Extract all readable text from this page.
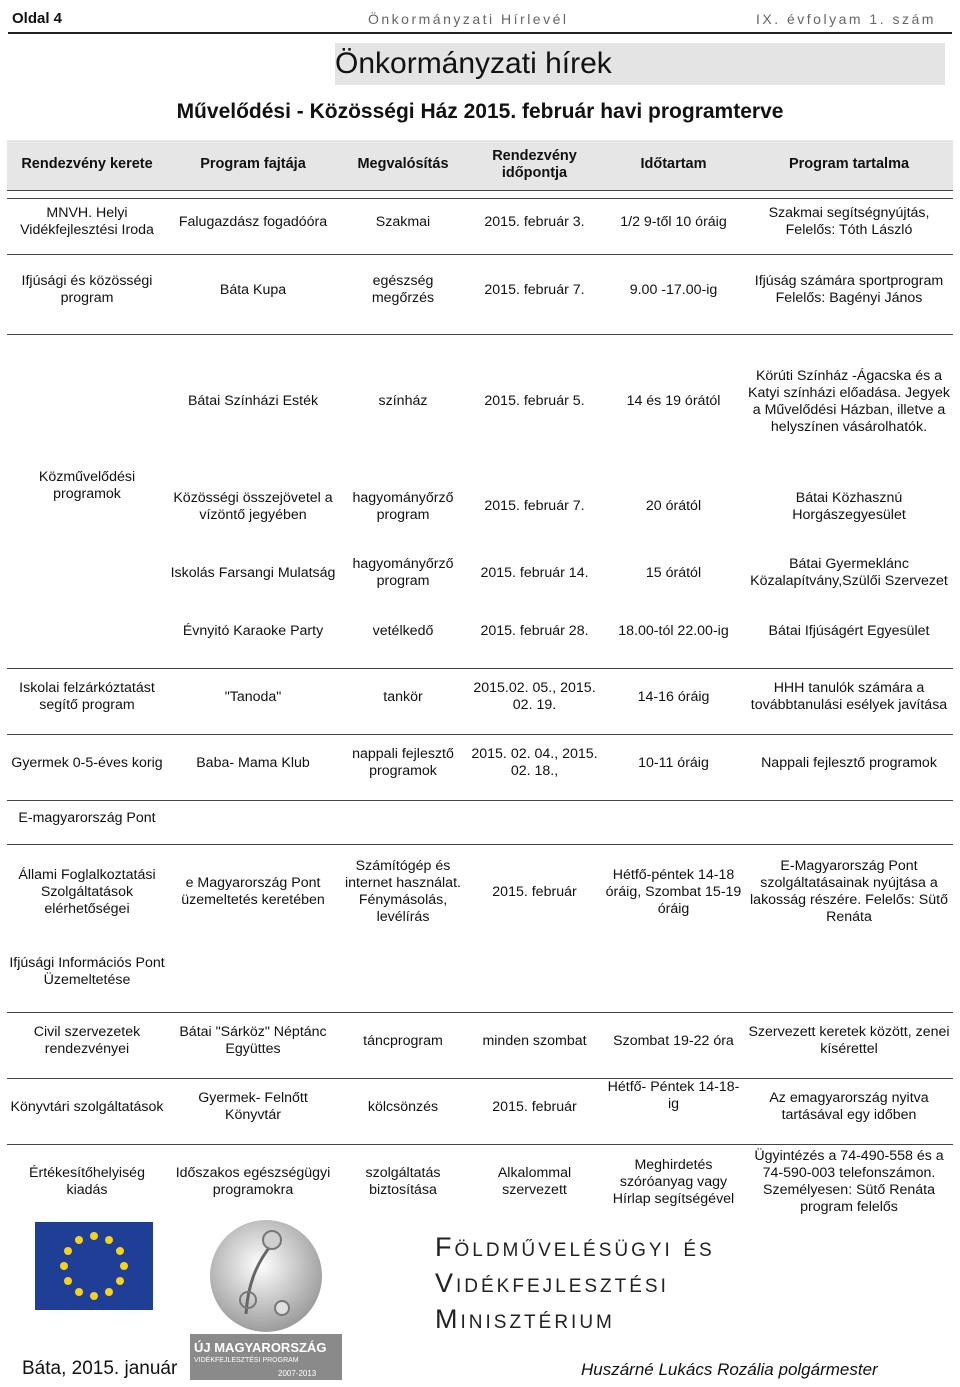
Oldal 4	Önkormányzati Hírlevél	IX. évfolyam 1. szám
Önkormányzati hírek
Művelődési - Közösségi Ház 2015. február havi programterve
Rendezvény kerete	Program fajtája	Megvalósítás	Rendezvény időpontja	Időtartam	Program tartalma

MNVH. Helyi Vidékfejlesztési Iroda	Falugazdász fogadóóra	Szakmai	2015. február 3.	1/2 9-től 10 óráig	Szakmai segítségnyújtás, Felelős: Tóth László

Ifjúsági és közösségi program	Báta Kupa	egészség megőrzés	2015. február 7.	9.00 -17.00-ig	Ifjúság számára sportprogram Felelős: Bagényi János

	Bátai Színházi Esték	színház	2015. február 5.	14 és 19 órától	Körúti Színház -Ágacska és a Katyi színházi előadása. Jegyek a Művelődési Házban, illetve a helyszínen vásárolhatók.
Közművelődési programok	Közösségi összejövetel a vízöntő jegyében	hagyományőrző program	2015. február 7.	20 órától	Bátai Közhasznú Horgászegyesület
	Iskolás Farsangi Mulatság	hagyományőrző program	2015. február 14.	15 órától	Bátai Gyermeklánc Közalapítvány,Szülői Szervezet
	Évnyitó Karaoke Party	vetélkedő	2015. február 28.	18.00-tól 22.00-ig	Bátai Ifjúságért Egyesület

Iskolai felzárkóztatást segítő program	"Tanoda"	tankör	2015.02. 05., 2015. 02. 19.	14-16 óráig	HHH tanulók számára a továbbtanulási esélyek javítása

Gyermek 0-5-éves korig	Baba- Mama Klub	nappali fejlesztő programok	2015. 02. 04., 2015. 02. 18.,	10-11 óráig	Nappali fejlesztő programok

E-magyarország Pont					

Állami Foglalkoztatási Szolgáltatások elérhetőségei	e Magyarország Pont üzemeltetés keretében	Számítógép és internet használat. Fénymásolás, levélírás	2015. február	Hétfő-péntek 14-18 óráig, Szombat 15-19 óráig	E-Magyarország Pont szolgáltatásainak nyújtása a lakosság részére. Felelős: Sütő Renáta
Ifjúsági Információs Pont Üzemeltetése					

Civil szervezetek rendezvényei	Bátai "Sárköz" Néptánc Együttes	táncprogram	minden szombat	Szombat 19-22 óra	Szervezett keretek között, zenei kísérettel

Könyvtári szolgáltatások	Gyermek- Felnőtt Könyvtár	kölcsönzés	2015. február	Hétfő- Péntek 14-18-ig	Az emagyarország nyitva tartásával egy időben

Értékesítőhelyiség kiadás	Időszakos egészségügyi programokra	szolgáltatás biztosítása	Alkalommal szervezett	Meghirdetés szóróanyag vagy Hírlap segítségével	Ügyintézés a 74-490-558 és a 74-590-003 telefonszámon. Személyesen: Sütő Renáta program felelős
ÚJ MAGYARORSZÁG
VIDÉKFEJLESZTÉSI PROGRAM
2007-2013
Földművelésügyi és
Vidékfejlesztési
Minisztérium
Báta, 2015. január	Huszárné Lukács Rozália polgármester
